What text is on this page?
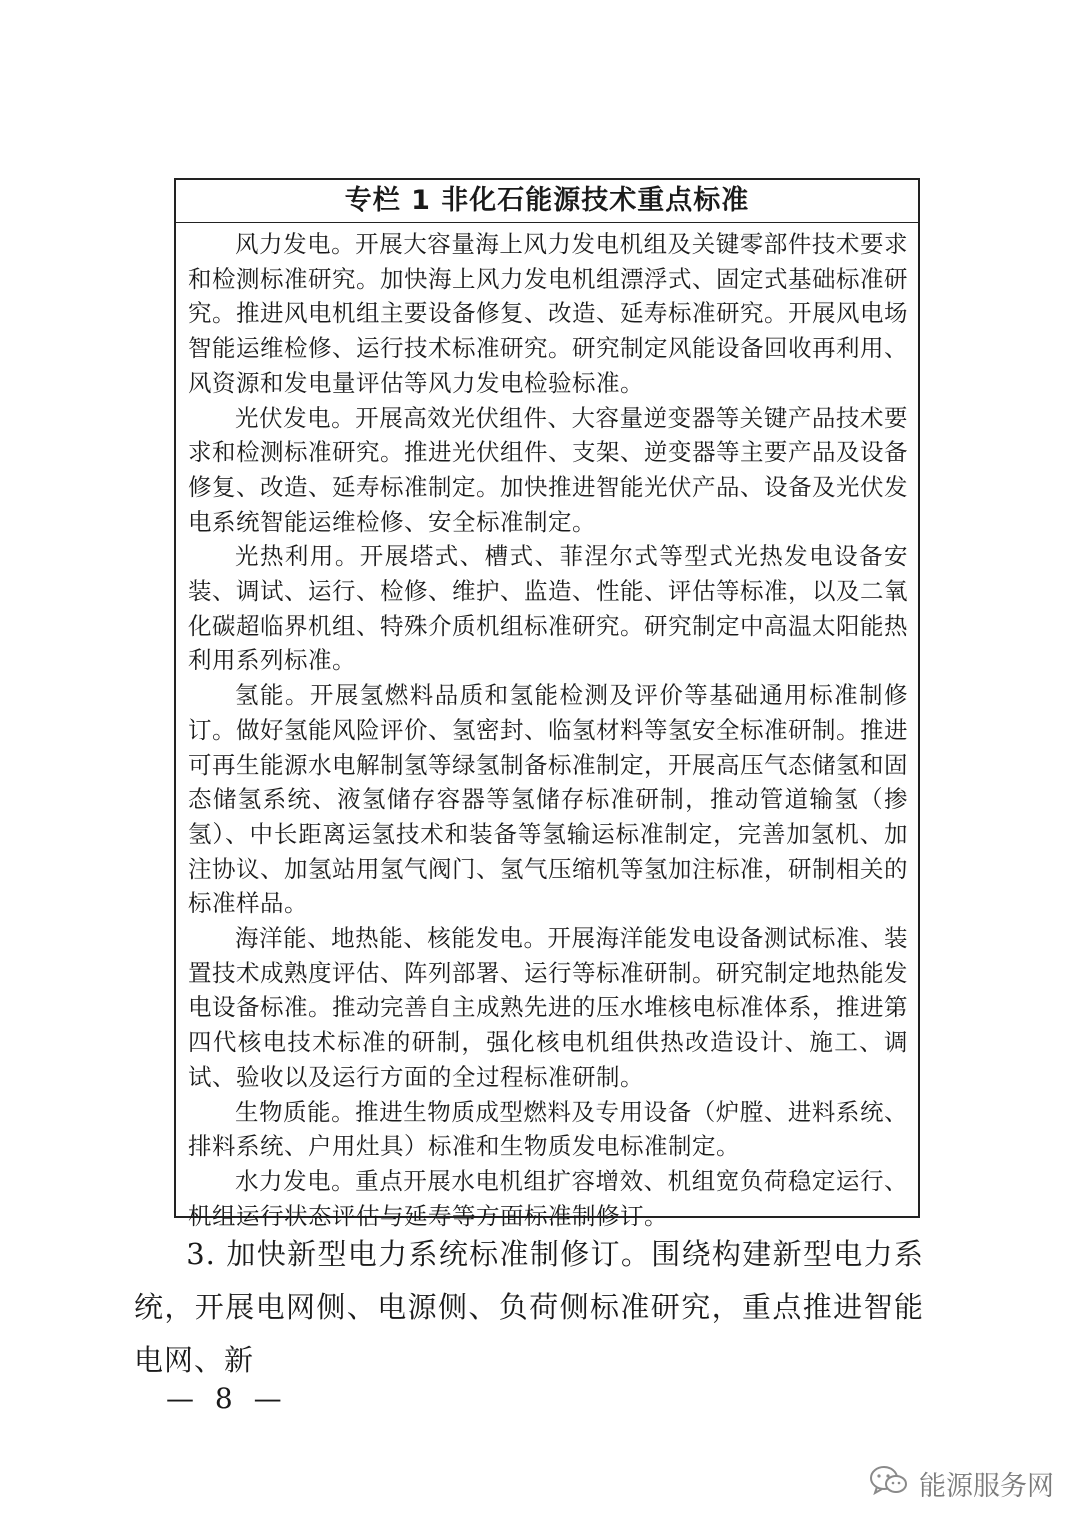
专栏 1 非化石能源技术重点标准

风力发电。开展大容量海上风力发电机组及关键零部件技术要求和检测标准研究。加快海上风力发电机组漂浮式、固定式基础标准研究。推进风电机组主要设备修复、改造、延寿标准研究。开展风电场智能运维检修、运行技术标准研究。研究制定风能设备回收再利用、风资源和发电量评估等风力发电检验标准。

光伏发电。开展高效光伏组件、大容量逆变器等关键产品技术要求和检测标准研究。推进光伏组件、支架、逆变器等主要产品及设备修复、改造、延寿标准制定。加快推进智能光伏产品、设备及光伏发电系统智能运维检修、安全标准制定。

光热利用。开展塔式、槽式、菲涅尔式等型式光热发电设备安装、调试、运行、检修、维护、监造、性能、评估等标准，以及二氧化碳超临界机组、特殊介质机组标准研究。研究制定中高温太阳能热利用系列标准。

氢能。开展氢燃料品质和氢能检测及评价等基础通用标准制修订。做好氢能风险评价、氢密封、临氢材料等氢安全标准研制。推进可再生能源水电解制氢等绿氢制备标准制定，开展高压气态储氢和固态储氢系统、液氢储存容器等氢储存标准研制，推动管道输氢（掺氢）、中长距离运氢技术和装备等氢输运标准制定，完善加氢机、加注协议、加氢站用氢气阀门、氢气压缩机等氢加注标准，研制相关的标准样品。

海洋能、地热能、核能发电。开展海洋能发电设备测试标准、装置技术成熟度评估、阵列部署、运行等标准研制。研究制定地热能发电设备标准。推动完善自主成熟先进的压水堆核电标准体系，推进第四代核电技术标准的研制，强化核电机组供热改造设计、施工、调试、验收以及运行方面的全过程标准研制。

生物质能。推进生物质成型燃料及专用设备（炉膛、进料系统、排料系统、户用灶具）标准和生物质发电标准制定。

水力发电。重点开展水电机组扩容增效、机组宽负荷稳定运行、机组运行状态评估与延寿等方面标准制修订。

3. 加快新型电力系统标准制修订。围绕构建新型电力系统，开展电网侧、电源侧、负荷侧标准研究，重点推进智能电网、新

— 8 —
能源服务网
